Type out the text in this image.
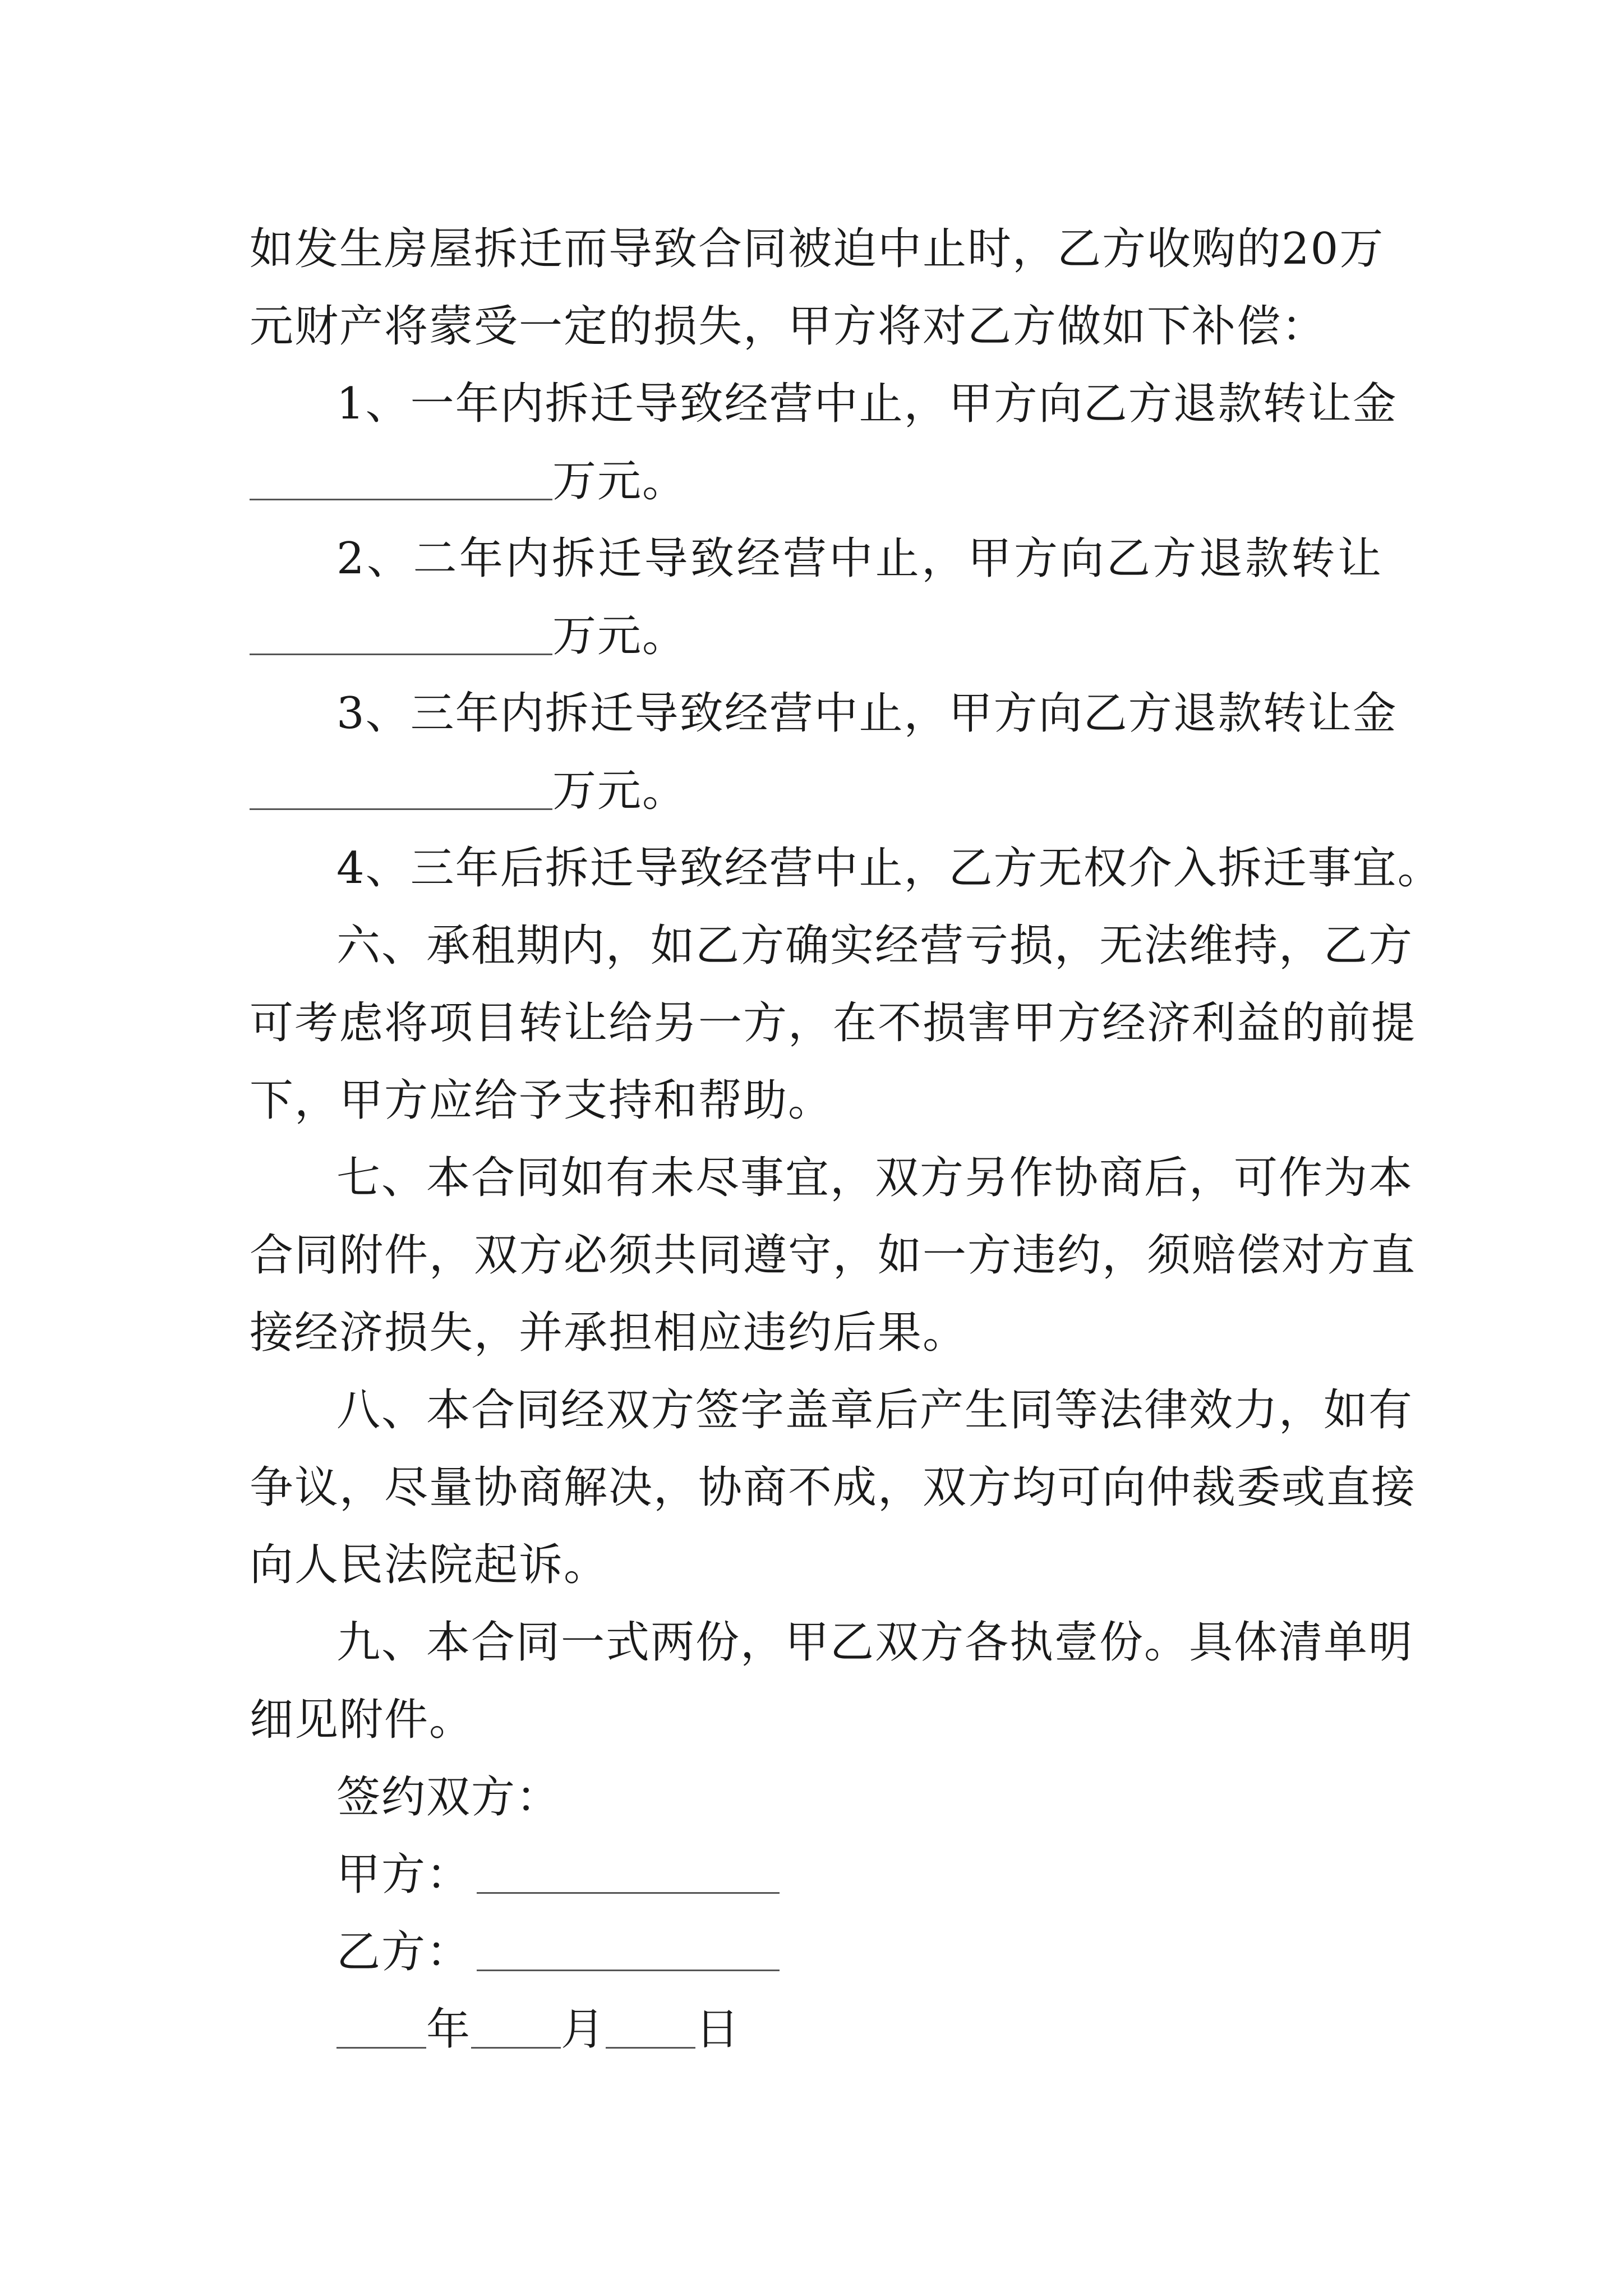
如发生房屋拆迁而导致合同被迫中止时，乙方收购的20万
元财产将蒙受一定的损失，甲方将对乙方做如下补偿：
1、一年内拆迁导致经营中止，甲方向乙方退款转让金
万元。
2、二年内拆迁导致经营中止，甲方向乙方退款转让
万元。
3、三年内拆迁导致经营中止，甲方向乙方退款转让金
万元。
4、三年后拆迁导致经营中止，乙方无权介入拆迁事宜。
六、承租期内，如乙方确实经营亏损，无法维持，乙方
可考虑将项目转让给另一方，在不损害甲方经济利益的前提
下，甲方应给予支持和帮助。
七、本合同如有未尽事宜，双方另作协商后，可作为本
合同附件，双方必须共同遵守，如一方违约，须赔偿对方直
接经济损失，并承担相应违约后果。
八、本合同经双方签字盖章后产生同等法律效力，如有
争议，尽量协商解决，协商不成，双方均可向仲裁委或直接
向人民法院起诉。
九、本合同一式两份，甲乙双方各执壹份。具体清单明
细见附件。
签约双方：
甲方：
乙方：
年 月 日
